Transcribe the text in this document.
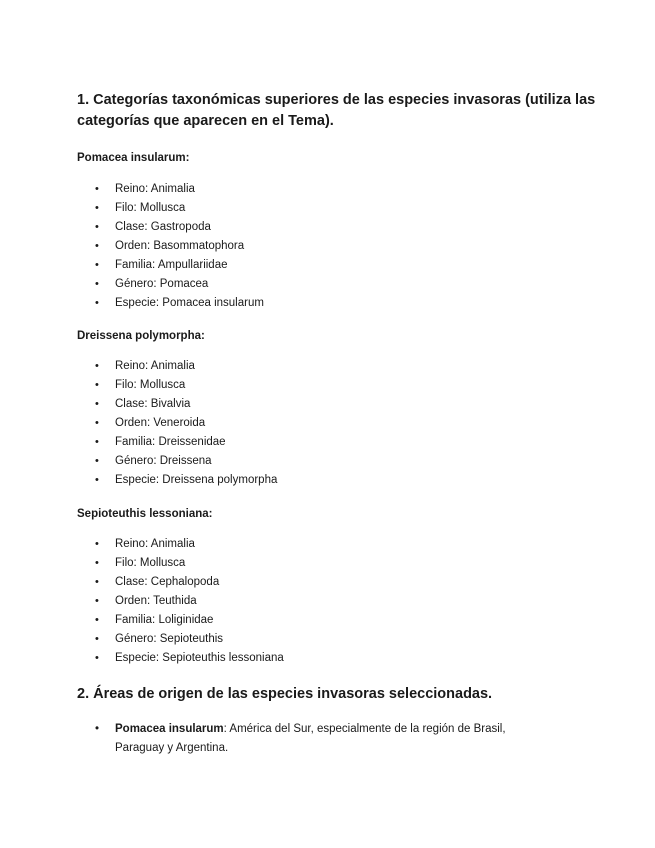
1. Categorías taxonómicas superiores de las especies invasoras (utiliza las categorías que aparecen en el Tema).

Pomacea insularum:

• Reino: Animalia
• Filo: Mollusca
• Clase: Gastropoda
• Orden: Basommatophora
• Familia: Ampullariidae
• Género: Pomacea
• Especie: Pomacea insularum

Dreissena polymorpha:

• Reino: Animalia
• Filo: Mollusca
• Clase: Bivalvia
• Orden: Veneroida
• Familia: Dreissenidae
• Género: Dreissena
• Especie: Dreissena polymorpha

Sepioteuthis lessoniana:

• Reino: Animalia
• Filo: Mollusca
• Clase: Cephalopoda
• Orden: Teuthida
• Familia: Loliginidae
• Género: Sepioteuthis
• Especie: Sepioteuthis lessoniana
2. Áreas de origen de las especies invasoras seleccionadas.
• Pomacea insularum: América del Sur, especialmente de la región de Brasil, Paraguay y Argentina.
